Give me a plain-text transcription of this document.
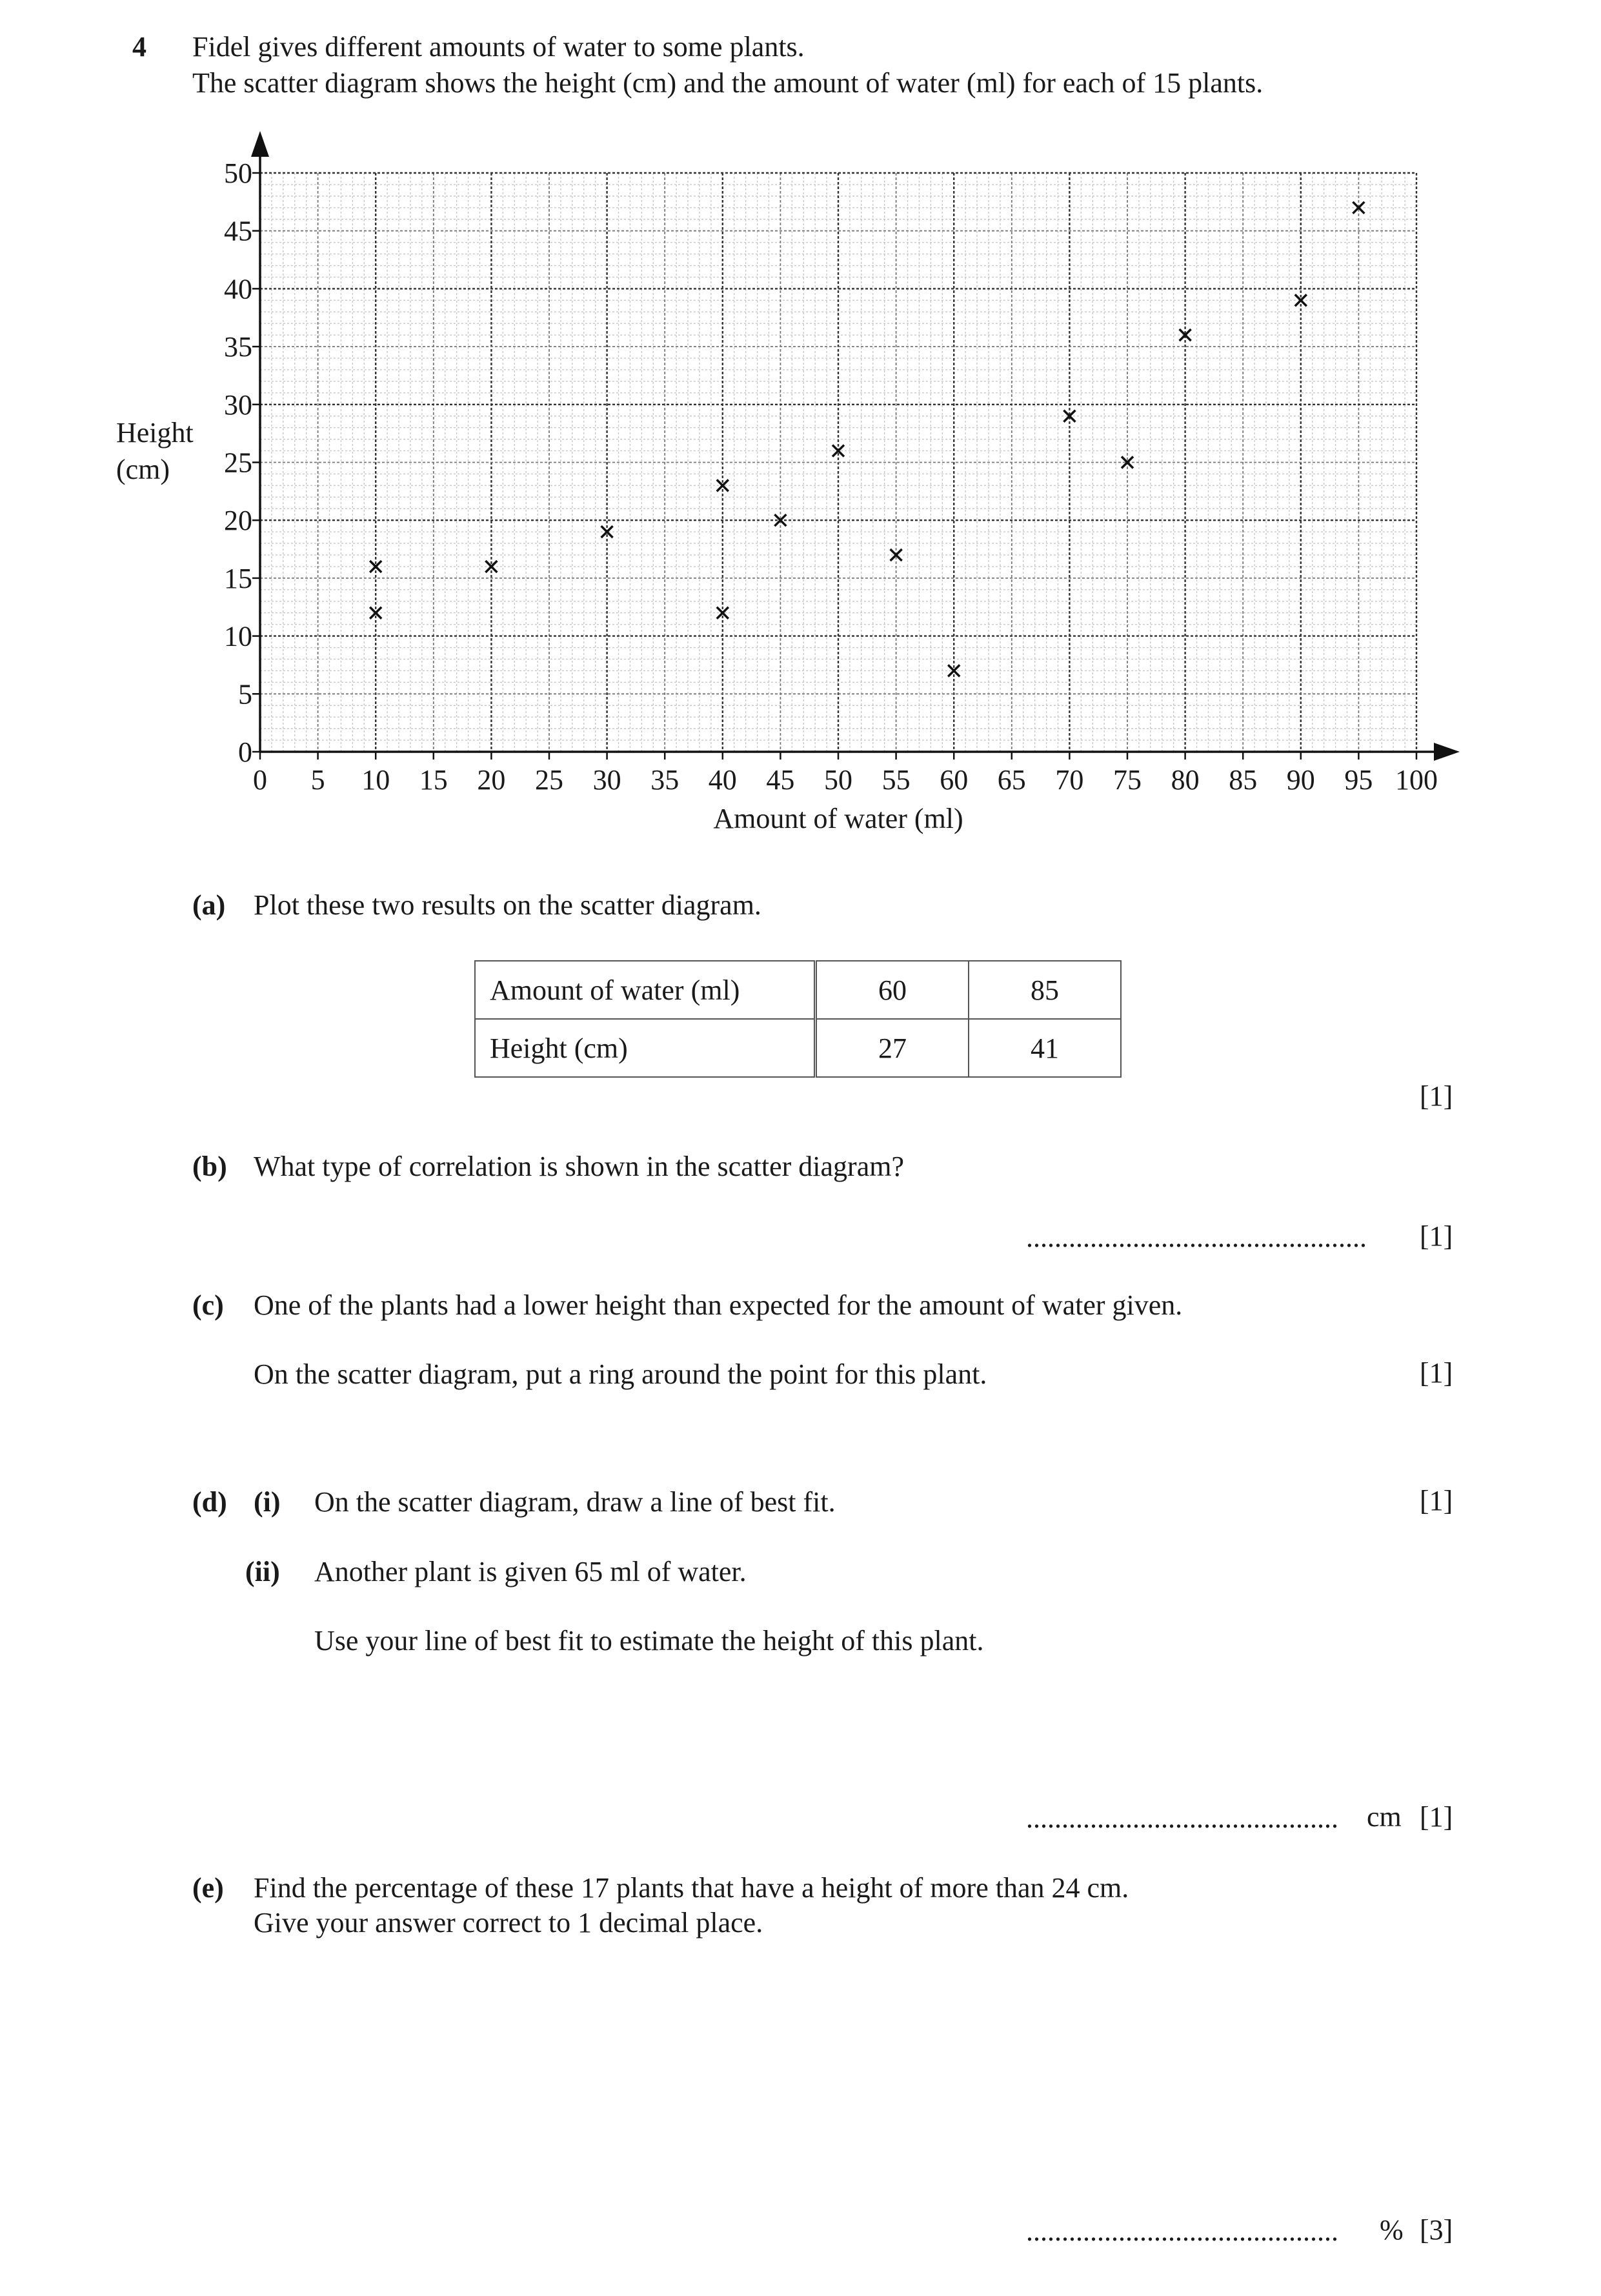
4 Fidel gives different amounts of water to some plants.
The scatter diagram shows the height (cm) and the amount of water (ml) for each of 15 plants.
Height
(cm)
0 5 10 15 20 25 30 35 40 45 50 55 60 65 70 75 80 85 90 95 100
0
5
10
15
20
25
30
35
40
45
50
Amount of water (ml)
(a) Plot these two results on the scatter diagram.
Amount of water (ml)	60	85
Height (cm)	27	41
[1]
(b) What type of correlation is shown in the scatter diagram?
................................................ [1]
(c) One of the plants had a lower height than expected for the amount of water given.
On the scatter diagram, put a ring around the point for this plant.	[1]
(d) (i) On the scatter diagram, draw a line of best fit.	[1]
(ii) Another plant is given 65 ml of water.
Use your line of best fit to estimate the height of this plant.
............................................ cm [1]
(e) Find the percentage of these 17 plants that have a height of more than 24 cm.
Give your answer correct to 1 decimal place.
............................................ % [3]
